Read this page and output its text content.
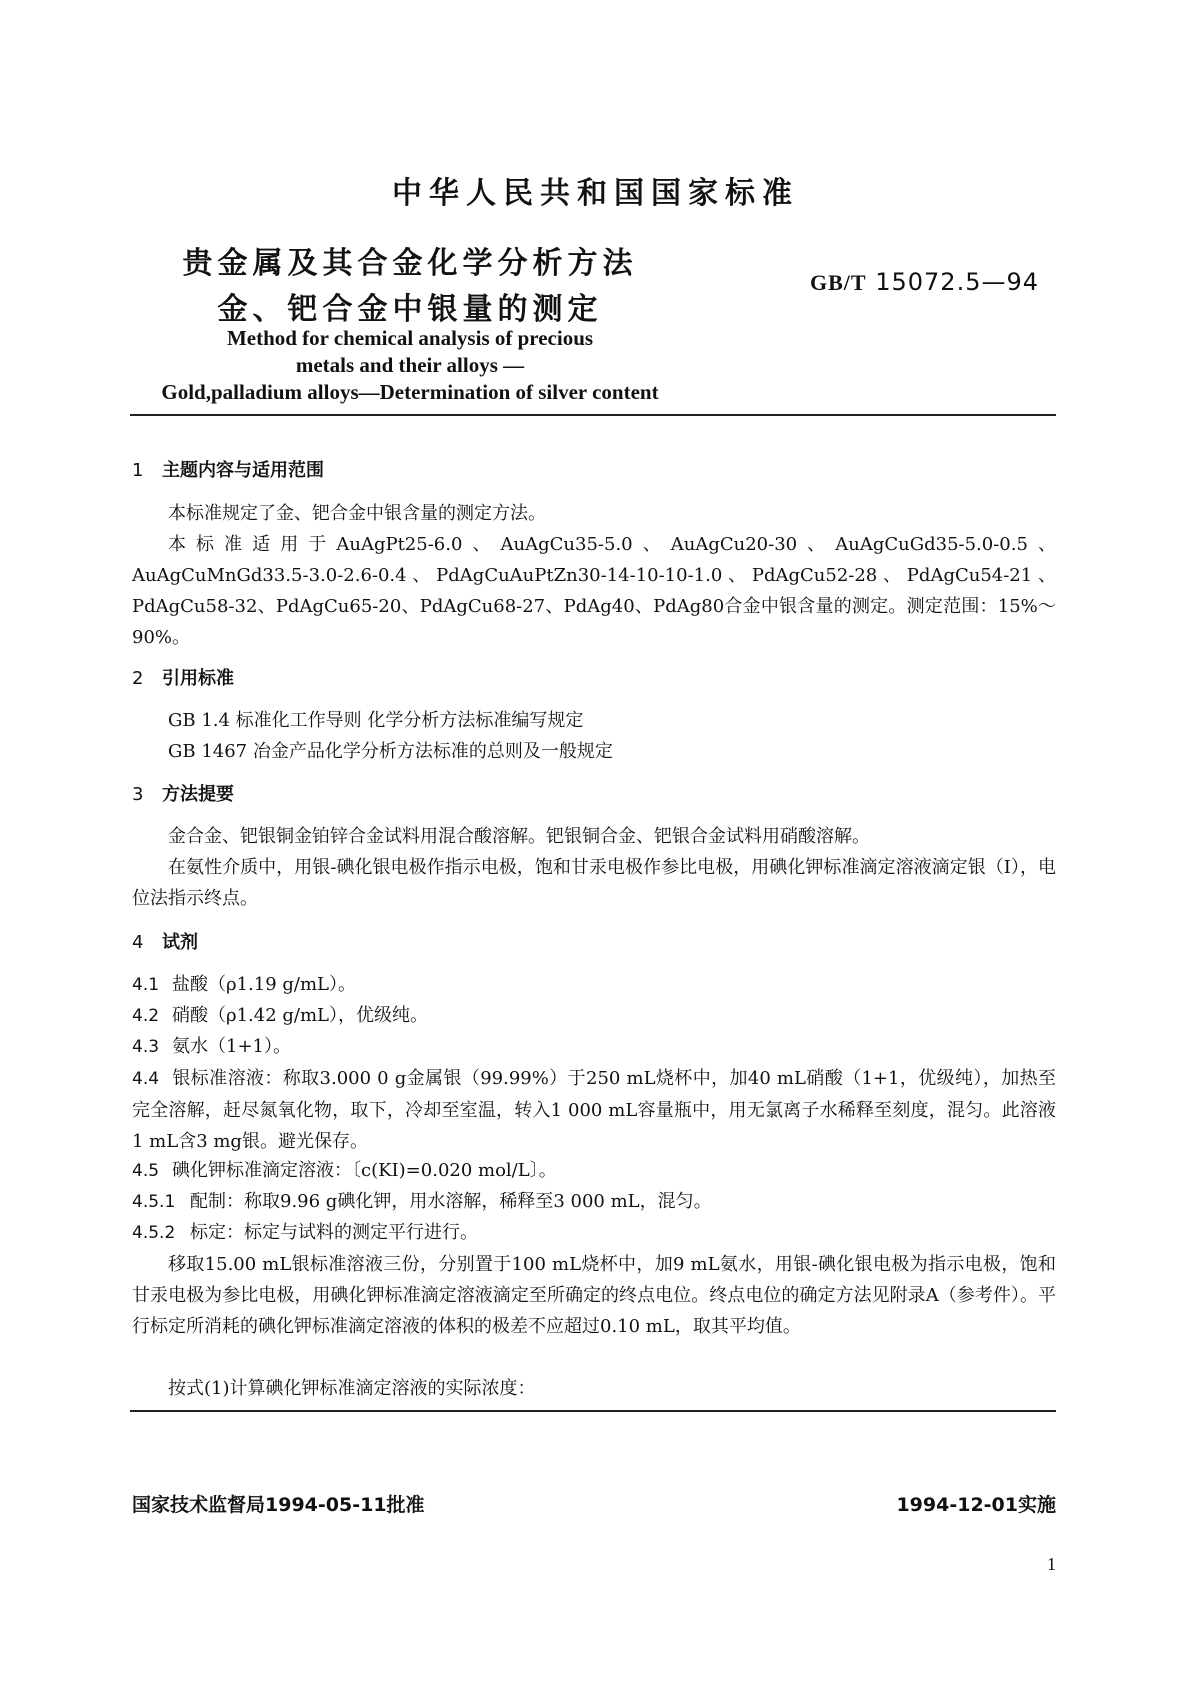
中华人民共和国国家标准
贵金属及其合金化学分析方法
金、钯合金中银量的测定
GB/T 15072.5—94
Method for chemical analysis of precious
metals and their alloys —
Gold,palladium alloys—Determination of silver content
1 主题内容与适用范围
本标准规定了金、钯合金中银含量的测定方法。
本标准适用于AuAgPt25-6.0、AuAgCu35-5.0、AuAgCu20-30、AuAgCuGd35-5.0-0.5、AuAgCuMnGd33.5-3.0-2.6-0.4、PdAgCuAuPtZn30-14-10-10-1.0、PdAgCu52-28、PdAgCu54-21、PdAgCu58-32、PdAgCu65-20、PdAgCu68-27、PdAg40、PdAg80合金中银含量的测定。测定范围：15%～90%。
2 引用标准
GB 1.4 标准化工作导则 化学分析方法标准编写规定
GB 1467 冶金产品化学分析方法标准的总则及一般规定
3 方法提要
金合金、钯银铜金铂锌合金试料用混合酸溶解。钯银铜合金、钯银合金试料用硝酸溶解。
在氨性介质中，用银-碘化银电极作指示电极，饱和甘汞电极作参比电极，用碘化钾标准滴定溶液滴定银（Ⅰ），电位法指示终点。
4 试剂
4.1 盐酸（ρ1.19 g/mL）。
4.2 硝酸（ρ1.42 g/mL），优级纯。
4.3 氨水（1+1）。
4.4 银标准溶液：称取3.000 0 g金属银（99.99%）于250 mL烧杯中，加40 mL硝酸（1+1，优级纯），加热至完全溶解，赶尽氮氧化物，取下，冷却至室温，转入1 000 mL容量瓶中，用无氯离子水稀释至刻度，混匀。此溶液1 mL含3 mg银。避光保存。
4.5 碘化钾标准滴定溶液：〔c(KI)=0.020 mol/L〕。
4.5.1 配制：称取9.96 g碘化钾，用水溶解，稀释至3 000 mL，混匀。
4.5.2 标定：标定与试料的测定平行进行。
移取15.00 mL银标准溶液三份，分别置于100 mL烧杯中，加9 mL氨水，用银-碘化银电极为指示电极，饱和甘汞电极为参比电极，用碘化钾标准滴定溶液滴定至所确定的终点电位。终点电位的确定方法见附录A（参考件）。平行标定所消耗的碘化钾标准滴定溶液的体积的极差不应超过0.10 mL，取其平均值。
按式(1)计算碘化钾标准滴定溶液的实际浓度：
国家技术监督局1994-05-11批准	1994-12-01实施
1
